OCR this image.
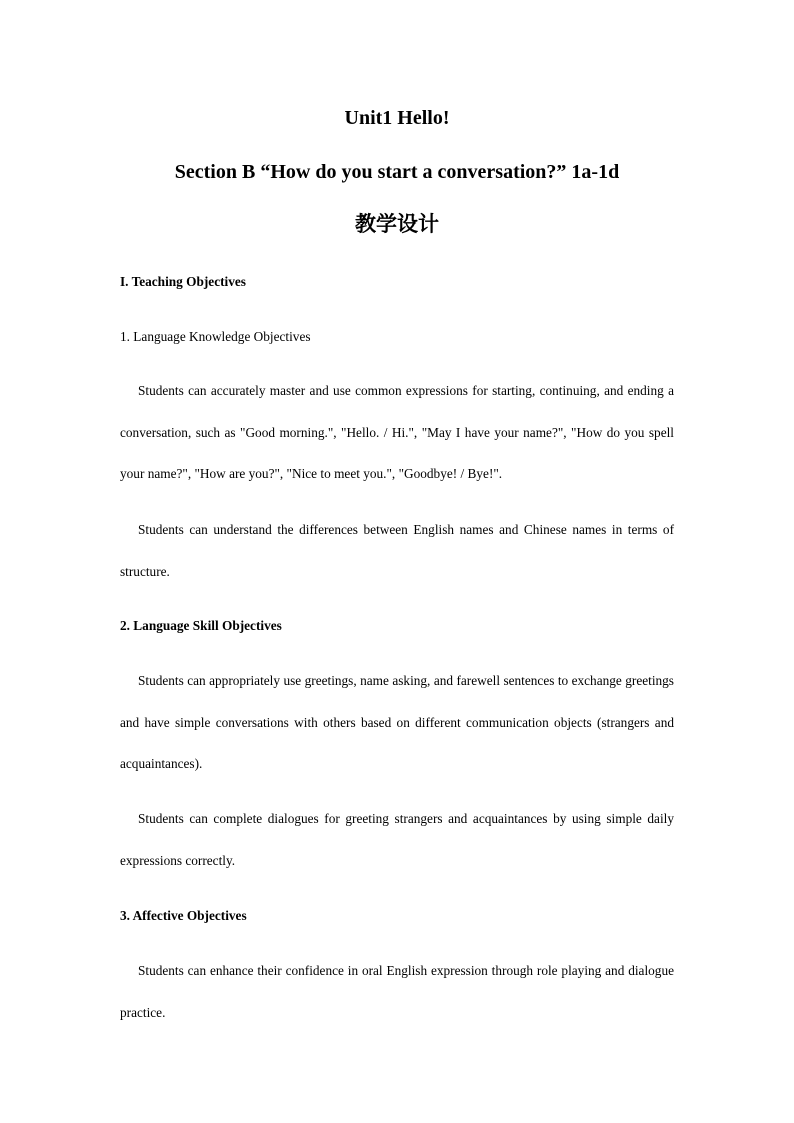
Unit1 Hello!
Section B “How do you start a conversation?” 1a-1d
教学设计
I. Teaching Objectives
1. Language Knowledge Objectives

Students can accurately master and use common expressions for starting, continuing, and ending a conversation, such as "Good morning.", "Hello. / Hi.", "May I have your name?", "How do you spell your name?", "How are you?", "Nice to meet you.", "Goodbye! / Bye!".

Students can understand the differences between English names and Chinese names in terms of structure.

2. Language Skill Objectives

Students can appropriately use greetings, name asking, and farewell sentences to exchange greetings and have simple conversations with others based on different communication objects (strangers and acquaintances).

Students can complete dialogues for greeting strangers and acquaintances by using simple daily expressions correctly.

3. Affective Objectives

Students can enhance their confidence in oral English expression through role playing and dialogue practice.
